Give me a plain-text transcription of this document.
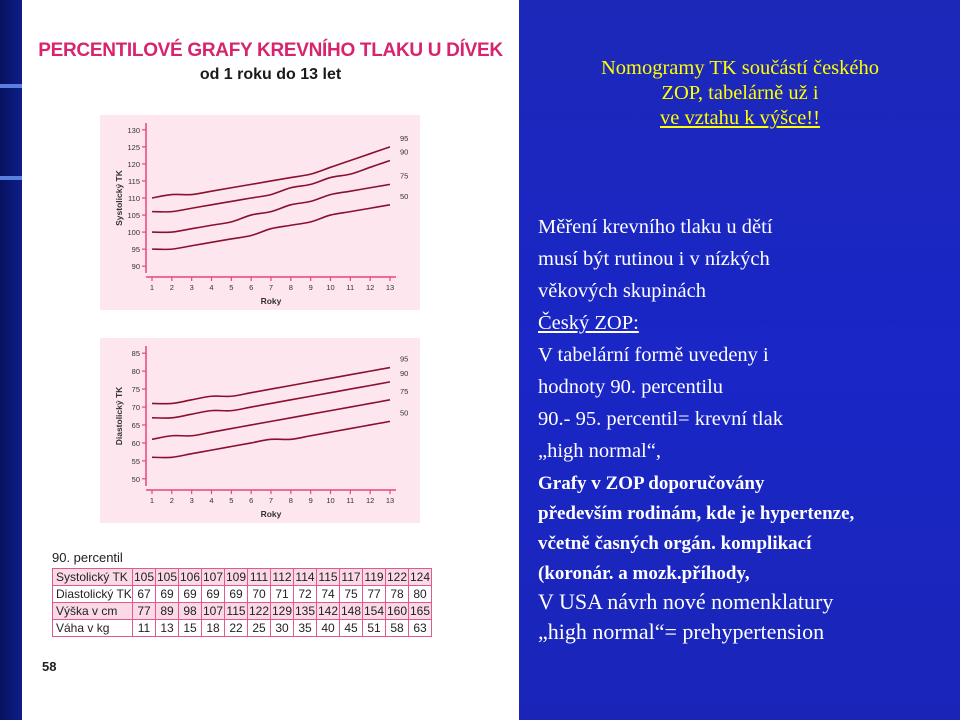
PERCENTILOVÉ GRAFY KREVNÍHO TLAKU U DÍVEK
od 1 roku do 13 let
90
95
100
105
110
115
120
125
130
1 2 3 4 5 6 7 8 9 10 11 12 13
Systolický TK
Roky
95
90
75
50
50
55
60
65
70
75
80
85
1 2 3 4 5 6 7 8 9 10 11 12 13
Diastolický TK
Roky
95
90
75
50
90. percentil
Systolický TK	105	105	106	107	109	111	112	114	115	117	119	122	124
Diastolický TK	67	69	69	69	69	70	71	72	74	75	77	78	80
Výška v cm	77	89	98	107	115	122	129	135	142	148	154	160	165
Váha v kg	11	13	15	18	22	25	30	35	40	45	51	58	63
58
Nomogramy TK součástí českého
ZOP, tabelárně už i
ve vztahu k výšce!!
Měření krevního tlaku u dětí
musí být rutinou i v nízkých
věkových skupinách
Český ZOP:
V tabelární formě uvedeny i
hodnoty 90. percentilu
90.- 95. percentil= krevní tlak
„high normal“,
Grafy v ZOP doporučovány
především rodinám, kde je hypertenze,
včetně časných orgán. komplikací
(koronár. a mozk.příhody,
V USA návrh nové nomenklatury
„high normal“= prehypertension
